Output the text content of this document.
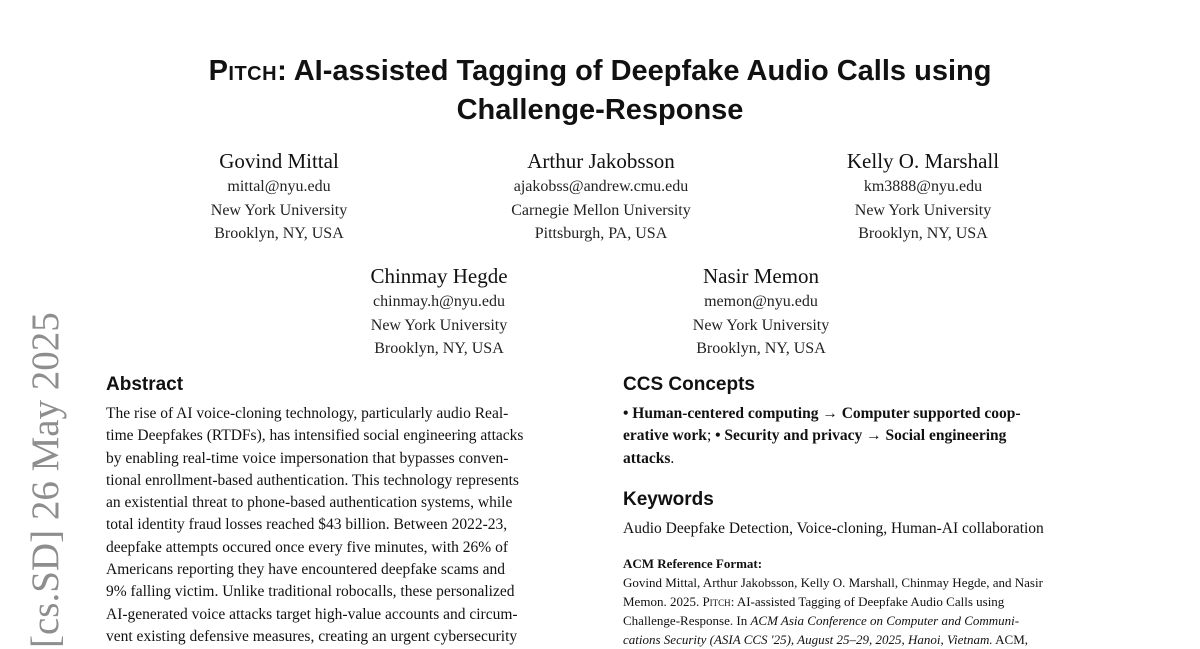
Pitch: AI-assisted Tagging of Deepfake Audio Calls using
Challenge-Response
Govind Mittal
mittal@nyu.edu
New York University
Brooklyn, NY, USA
Arthur Jakobsson
ajakobss@andrew.cmu.edu
Carnegie Mellon University
Pittsburgh, PA, USA
Kelly O. Marshall
km3888@nyu.edu
New York University
Brooklyn, NY, USA
Chinmay Hegde
chinmay.h@nyu.edu
New York University
Brooklyn, NY, USA
Nasir Memon
memon@nyu.edu
New York University
Brooklyn, NY, USA
[cs.SD] 26 May 2025 Abstract
The rise of AI voice-cloning technology, particularly audio Real-
time Deepfakes (RTDFs), has intensified social engineering attacks
by enabling real-time voice impersonation that bypasses conven-
tional enrollment-based authentication. This technology represents
an existential threat to phone-based authentication systems, while
total identity fraud losses reached $43 billion. Between 2022-23,
deepfake attempts occured once every five minutes, with 26% of
Americans reporting they have encountered deepfake scams and
9% falling victim. Unlike traditional robocalls, these personalized
AI-generated voice attacks target high-value accounts and circum-
vent existing defensive measures, creating an urgent cybersecurity
CCS Concepts
• Human-centered computing → Computer supported coop-
erative work; • Security and privacy → Social engineering
attacks.
Keywords
Audio Deepfake Detection, Voice-cloning, Human-AI collaboration
ACM Reference Format:
Govind Mittal, Arthur Jakobsson, Kelly O. Marshall, Chinmay Hegde, and Nasir
Memon. 2025. Pitch: AI-assisted Tagging of Deepfake Audio Calls using
Challenge-Response. In ACM Asia Conference on Computer and Communi-
cations Security (ASIA CCS '25), August 25–29, 2025, Hanoi, Vietnam. ACM,
